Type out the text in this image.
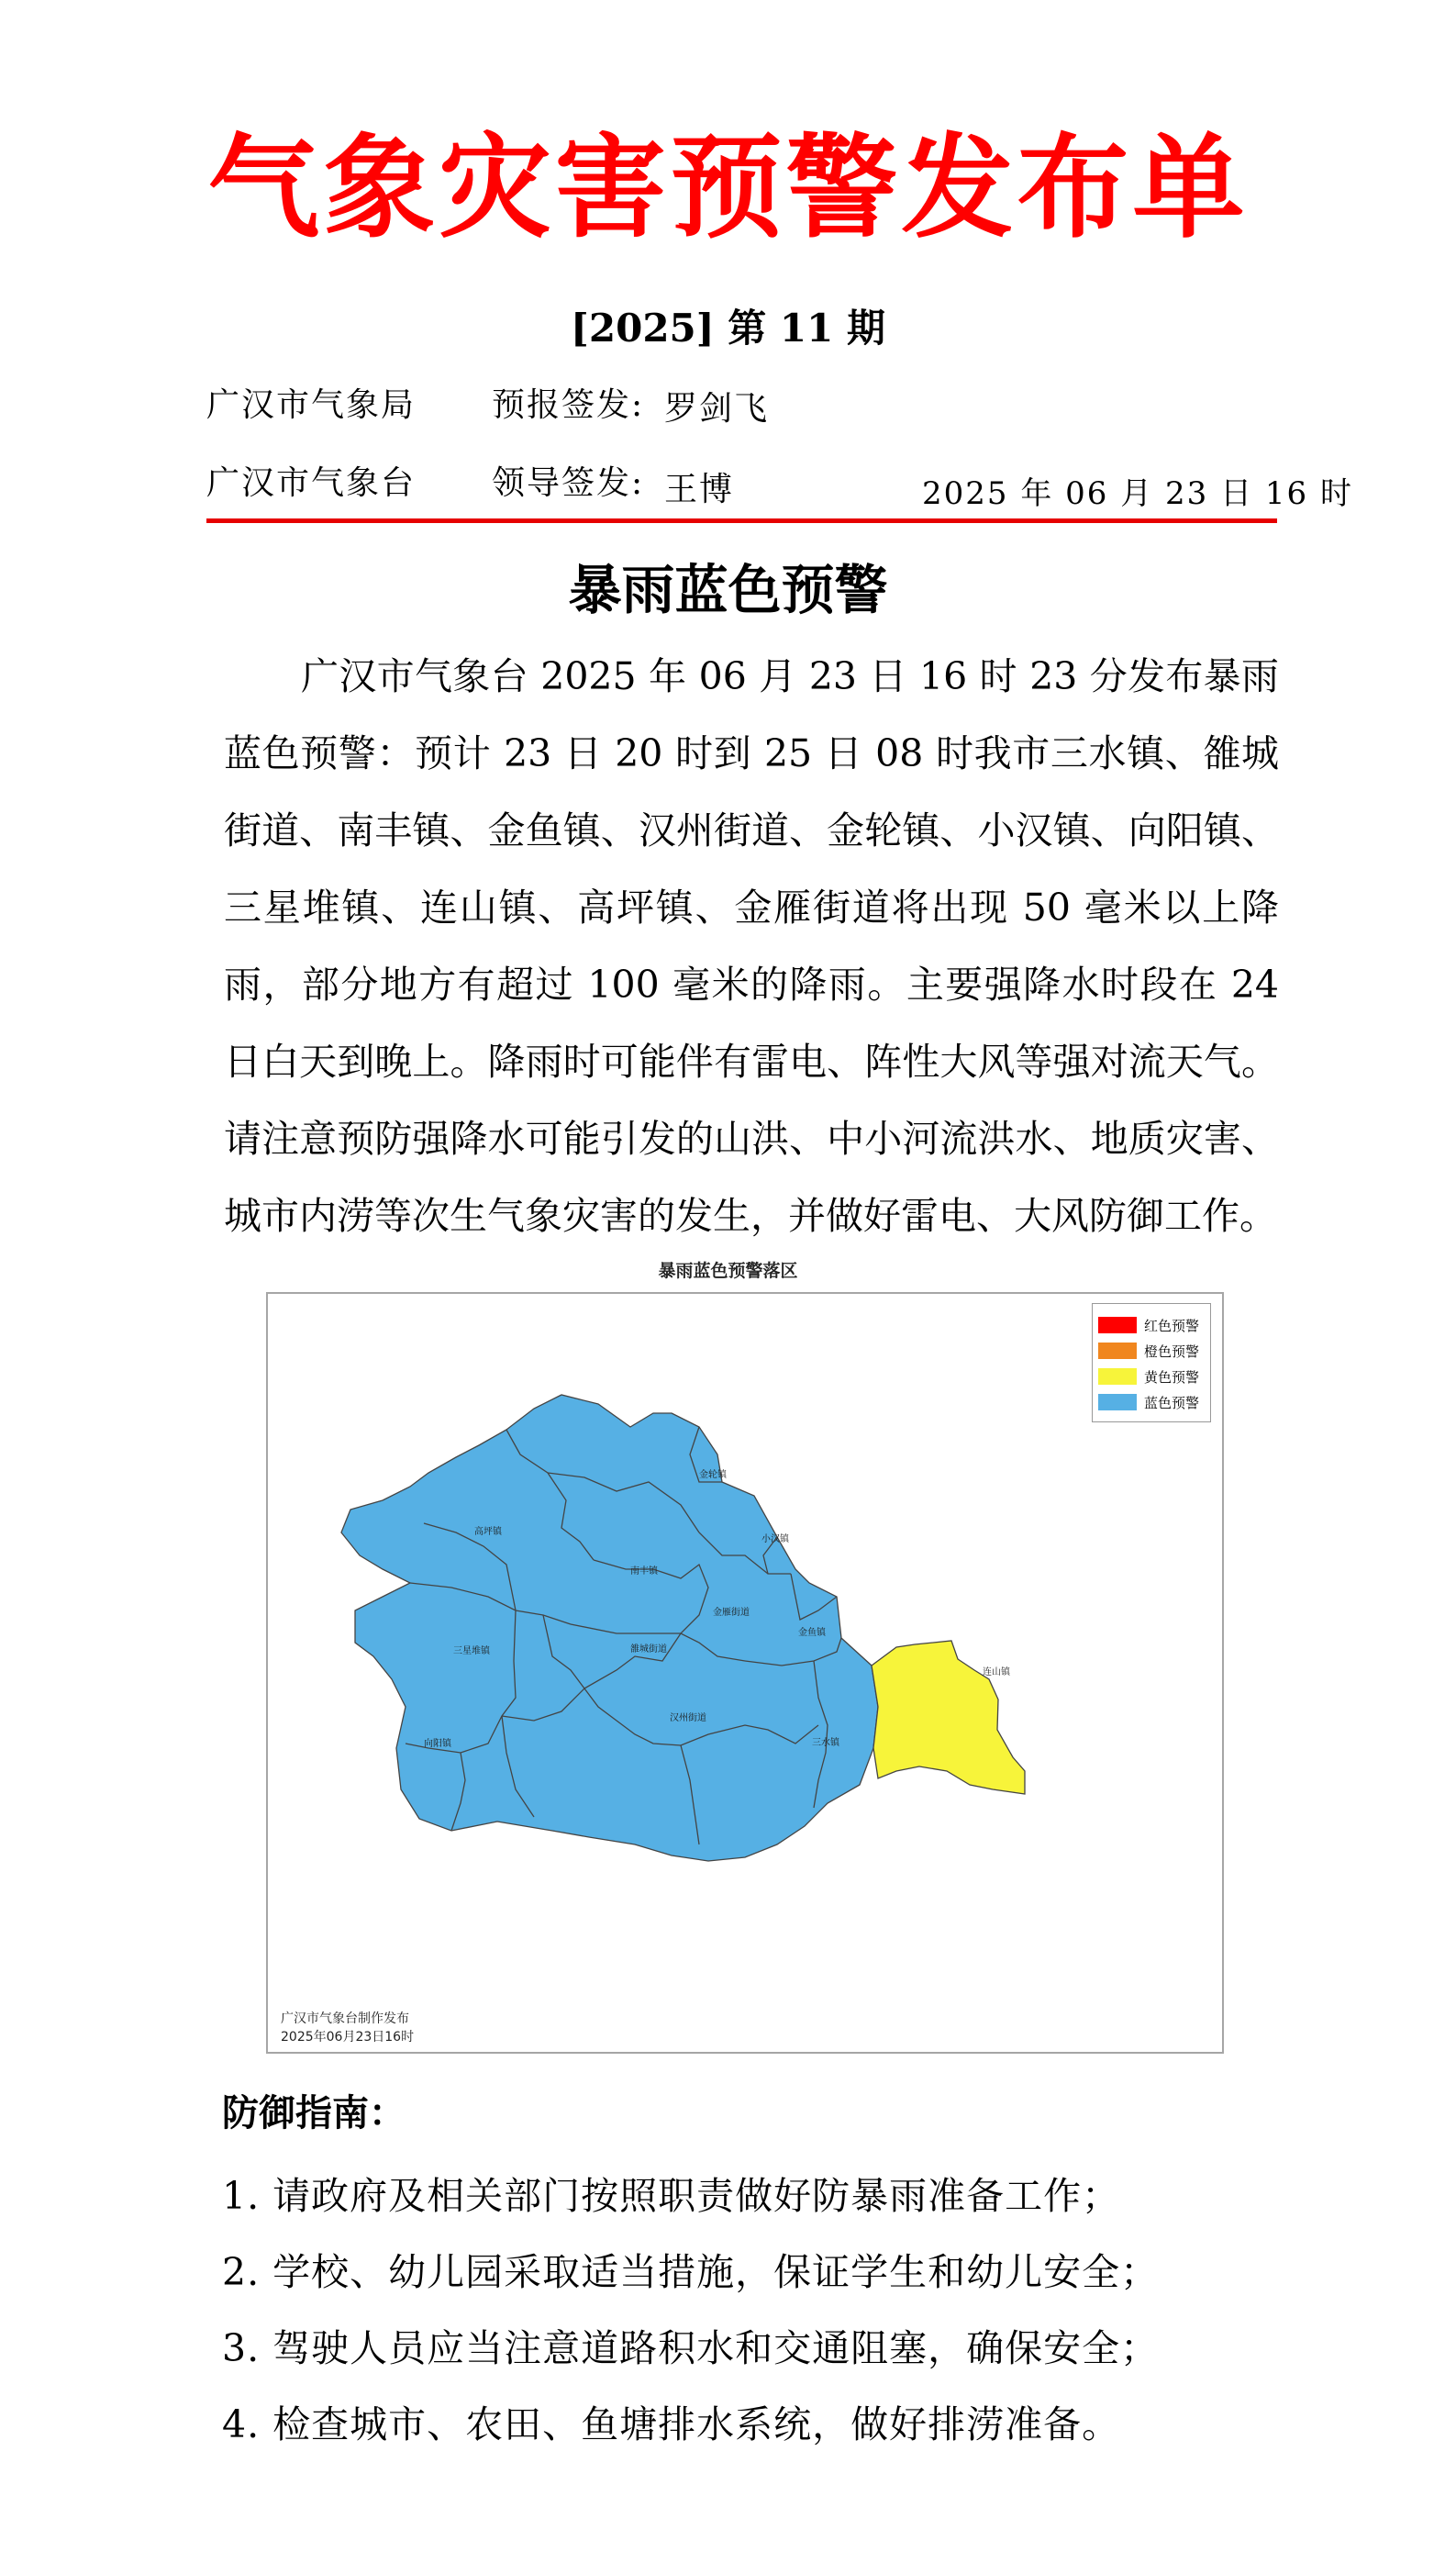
气象灾害预警发布单
[2025] 第 11 期
广汉市气象局 预报签发: 罗剑飞
广汉市气象台 领导签发: 王博	2025 年 06 月 23 日 16 时
暴雨蓝色预警

广汉市气象台 2025 年 06 月 23 日 16 时 23 分发布暴雨蓝色预警：预计 23 日 20 时到 25 日 08 时我市三水镇、雒城街道、南丰镇、金鱼镇、汉州街道、金轮镇、小汉镇、向阳镇、三星堆镇、连山镇、高坪镇、金雁街道将出现 50 毫米以上降雨，部分地方有超过 100 毫米的降雨。主要强降水时段在 24 日白天到晚上。降雨时可能伴有雷电、阵性大风等强对流天气。请注意预防强降水可能引发的山洪、中小河流洪水、地质灾害、城市内涝等次生气象灾害的发生，并做好雷电、大风防御工作。

暴雨蓝色预警落区
金轮镇
高坪镇
小汉镇
南丰镇
金雁街道
金鱼镇
三星堆镇	雒城街道
连山镇
汉州街道
向阳镇	三水镇
红色预警
橙色预警
黄色预警
蓝色预警
广汉市气象台制作发布
2025年06月23日16时
防御指南：
1. 请政府及相关部门按照职责做好防暴雨准备工作；
2. 学校、幼儿园采取适当措施，保证学生和幼儿安全；
3. 驾驶人员应当注意道路积水和交通阻塞，确保安全；
4. 检查城市、农田、鱼塘排水系统，做好排涝准备。
